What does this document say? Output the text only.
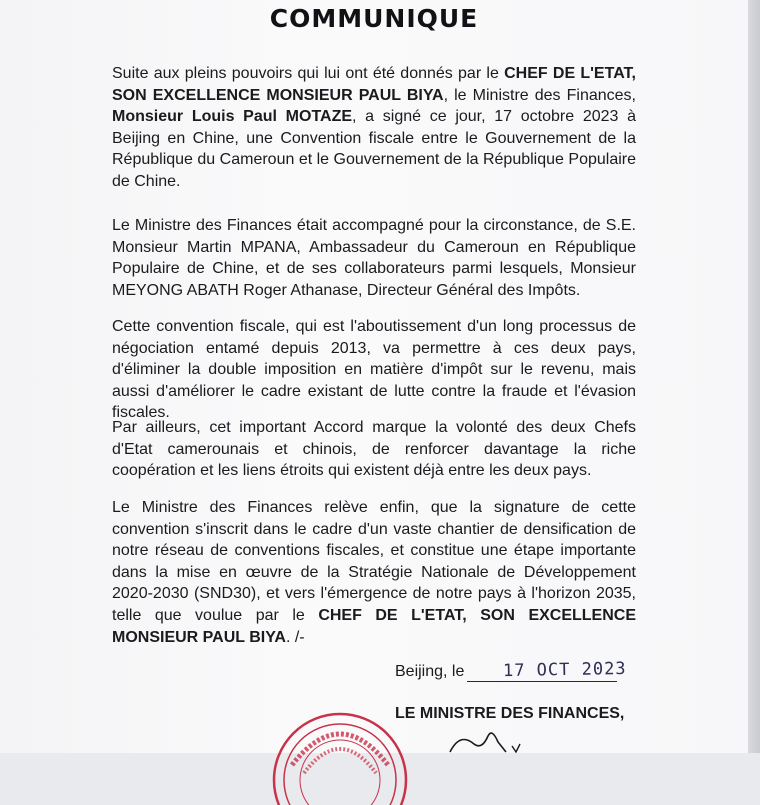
COMMUNIQUE

Suite aux pleins pouvoirs qui lui ont été donnés par le CHEF DE L'ETAT, SON EXCELLENCE MONSIEUR PAUL BIYA, le Ministre des Finances, Monsieur Louis Paul MOTAZE, a signé ce jour, 17 octobre 2023 à Beijing en Chine, une Convention fiscale entre le Gouvernement de la République du Cameroun et le Gouvernement de la République Populaire de Chine.

Le Ministre des Finances était accompagné pour la circonstance, de S.E. Monsieur Martin MPANA, Ambassadeur du Cameroun en République Populaire de Chine, et de ses collaborateurs parmi lesquels, Monsieur MEYONG ABATH Roger Athanase, Directeur Général des Impôts.

Cette convention fiscale, qui est l'aboutissement d'un long processus de négociation entamé depuis 2013, va permettre à ces deux pays, d'éliminer la double imposition en matière d'impôt sur le revenu, mais aussi d'améliorer le cadre existant de lutte contre la fraude et l'évasion fiscales.

Par ailleurs, cet important Accord marque la volonté des deux Chefs d'Etat camerounais et chinois, de renforcer davantage la riche coopération et les liens étroits qui existent déjà entre les deux pays.

Le Ministre des Finances relève enfin, que la signature de cette convention s'inscrit dans le cadre d'un vaste chantier de densification de notre réseau de conventions fiscales, et constitue une étape importante dans la mise en œuvre de la Stratégie Nationale de Développement 2020-2030 (SND30), et vers l'émergence de notre pays à l'horizon 2035, telle que voulue par le CHEF DE L'ETAT, SON EXCELLENCE MONSIEUR PAUL BIYA. /-

Beijing, le 17 OCT 2023
LE MINISTRE DES FINANCES,
